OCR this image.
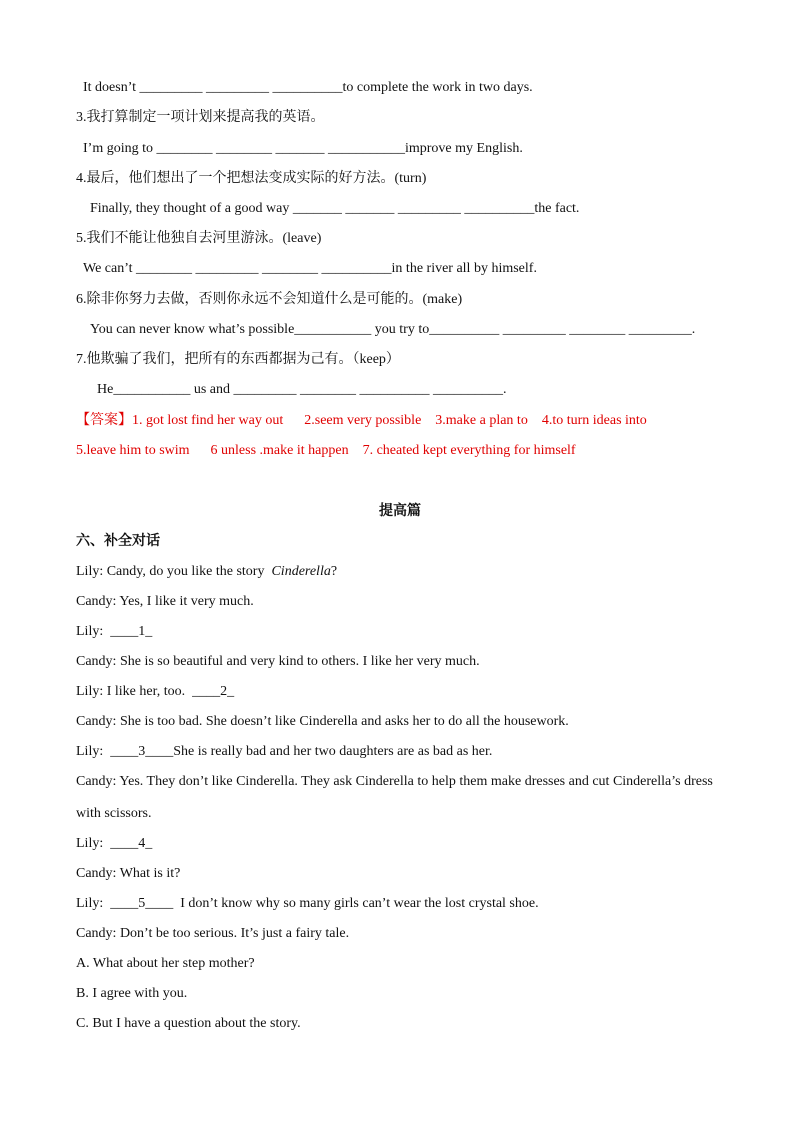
It doesn’t _________ _________ __________to complete the work in two days.
3.我打算制定一项计划来提高我的英语。
I’m going to ________ ________ _______ ___________improve my English.
4.最后，他们想出了一个把想法变成实际的好方法。(turn)
Finally, they thought of a good way _______ _______ _________ __________the fact.
5.我们不能让他独自去河里游泳。(leave)
We can’t ________ _________ ________ __________in the river all by himself.
6.除非你努力去做，否则你永远不会知道什么是可能的。(make)
You can never know what’s possible___________ you try to__________ _________ ________ _________.
7.他欺骗了我们，把所有的东西都据为己有。（keep）
He___________ us and _________ ________ __________ __________.
【答案】1. got lost find her way out      2.seem very possible    3.make a plan to    4.to turn ideas into
5.leave him to swim      6 unless .make it happen    7. cheated kept everything for himself
提高篇
六、补全对话
Lily: Candy, do you like the story  Cinderella?
Candy: Yes, I like it very much.
Lily:  ____1_
Candy: She is so beautiful and very kind to others. I like her very much.
Lily: I like her, too.  ____2_
Candy: She is too bad. She doesn’t like Cinderella and asks her to do all the housework.
Lily:  ____3____She is really bad and her two daughters are as bad as her.
Candy: Yes. They don’t like Cinderella. They ask Cinderella to help them make dresses and cut Cinderella’s dress
with scissors.
Lily:  ____4_
Candy: What is it?
Lily:  ____5____  I don’t know why so many girls can’t wear the lost crystal shoe.
Candy: Don’t be too serious. It’s just a fairy tale.
A. What about her step mother?
B. I agree with you.
C. But I have a question about the story.
